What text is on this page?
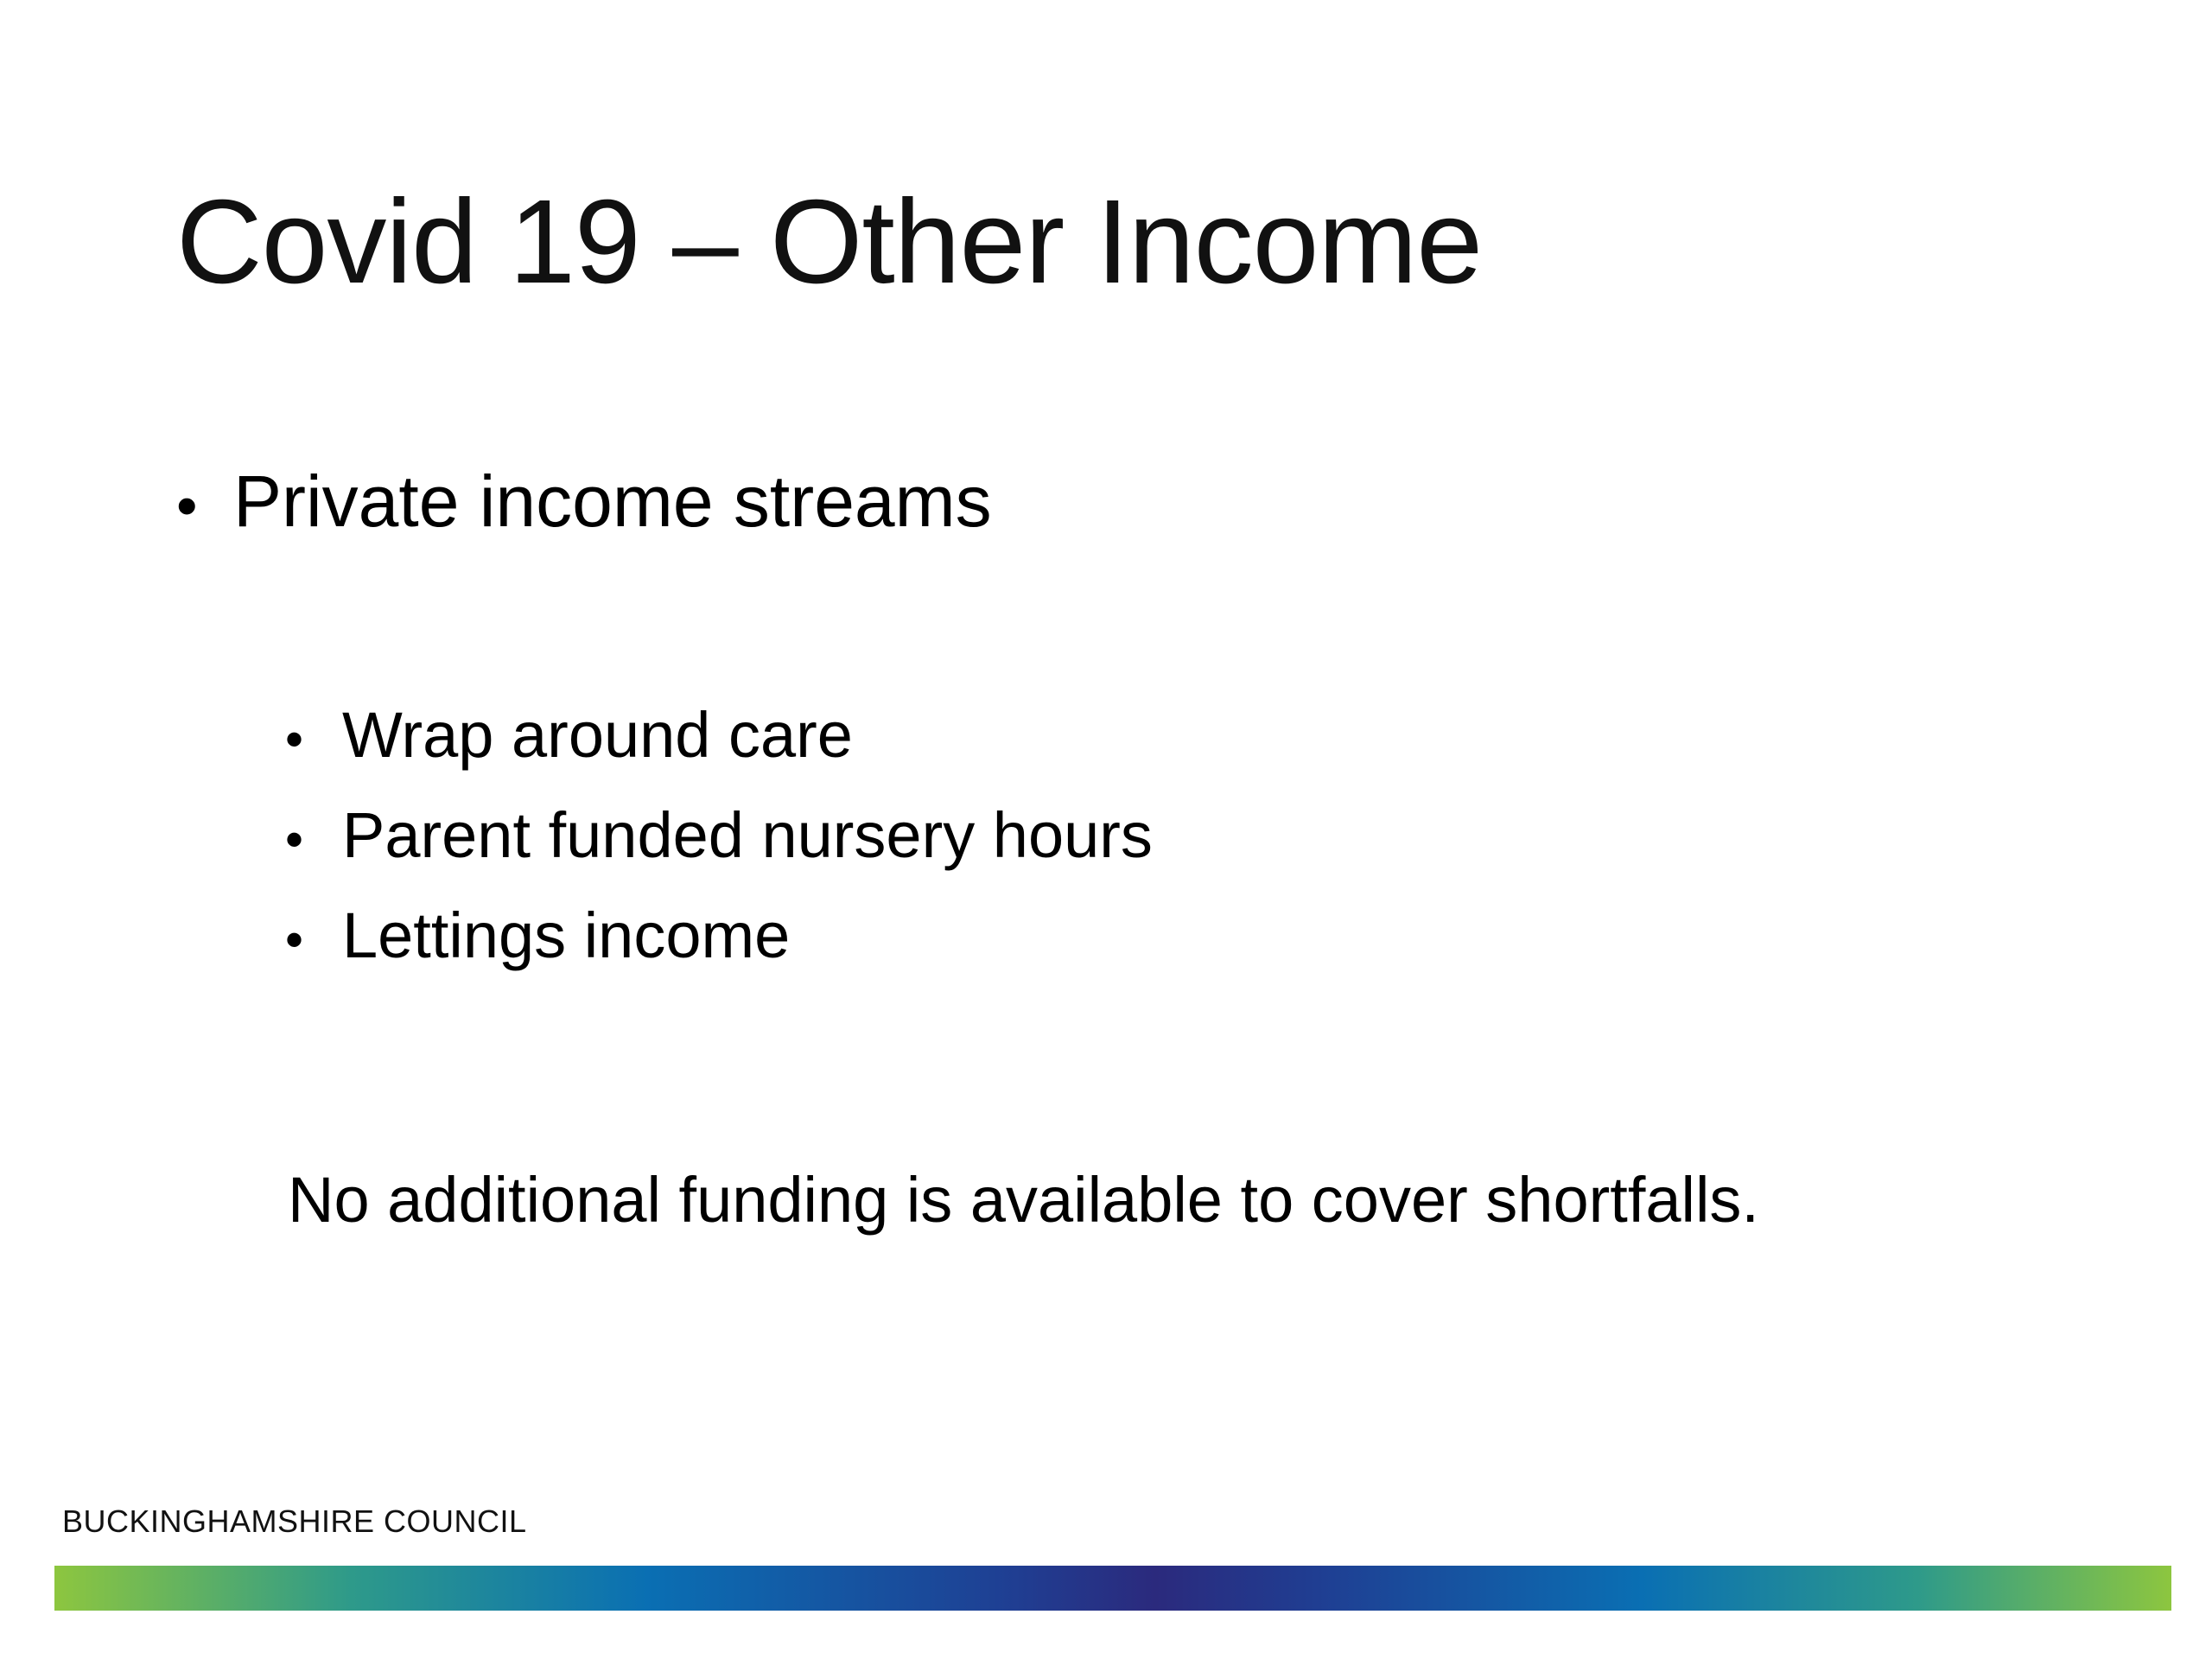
Covid 19 – Other Income
• Private income streams
• Wrap around care
• Parent funded nursery hours
• Lettings income
No additional funding is available to cover shortfalls.
BUCKINGHAMSHIRE COUNCIL
